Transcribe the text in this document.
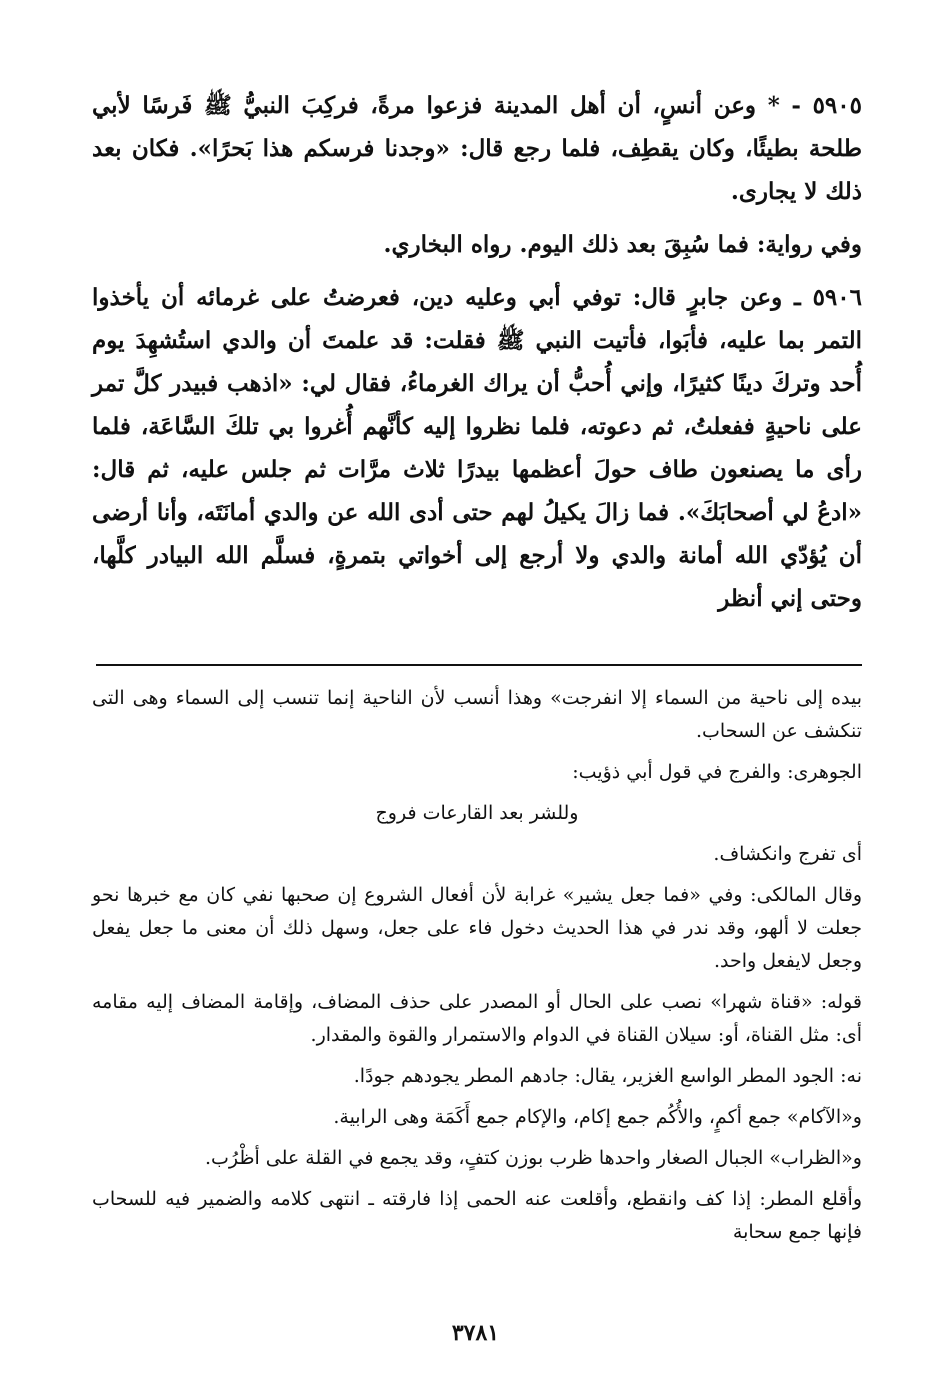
٥٩٠٥ - * وعن أنسٍ، أن أهل المدينة فزعوا مرةً، فركِبَ النبيُّ ﷺ فَرسًا لأبي طلحة بطيئًا، وكان يقطِف، فلما رجع قال: «وجدنا فرسكم هذا بَحرًا». فكان بعد ذلك لا يجارى.

وفي رواية: فما سُبِقَ بعد ذلك اليوم. رواه البخاري.

٥٩٠٦ ـ وعن جابرٍ قال: توفي أبي وعليه دين، فعرضتُ على غرمائه أن يأخذوا التمر بما عليه، فأبَوا، فأتيت النبي ﷺ فقلت: قد علمتَ أن والدي استُشهِدَ يوم أُحد وتركَ دينًا كثيرًا، وإني أُحبُّ أن يراك الغرماءُ، فقال لي: «اذهب فبيدر كلَّ تمر على ناحيةٍ ففعلتُ، ثم دعوته، فلما نظروا إليه كأنَّهم أُغروا بي تلكَ السَّاعَة، فلما رأى ما يصنعون طاف حولَ أعظمها بيدرًا ثلاث مرَّات ثم جلس عليه، ثم قال: «ادعُ لي أصحابَكَ». فما زالَ يكيلُ لهم حتى أدى الله عن والدي أمانَتَه، وأنا أرضى أن يُؤدّي الله أمانة والدي ولا أرجع إلى أخواتي بتمرةٍ، فسلَّم الله البيادر كلَّها، وحتى إني أنظر

بيده إلى ناحية من السماء إلا انفرجت» وهذا أنسب لأن الناحية إنما تنسب إلى السماء وهى التى تنكشف عن السحاب.

الجوهرى: والفرج في قول أبي ذؤيب:

وللشر بعد القارعات فروج

أى تفرج وانكشاف.

وقال المالكى: وفي «فما جعل يشير» غرابة لأن أفعال الشروع إن صحبها نفي كان مع خبرها نحو جعلت لا ألهو، وقد ندر في هذا الحديث دخول فاء على جعل، وسهل ذلك أن معنى ما جعل يفعل وجعل لايفعل واحد.

قوله: «قناة شهرا» نصب على الحال أو المصدر على حذف المضاف، وإقامة المضاف إليه مقامه أى: مثل القناة، أو: سيلان القناة في الدوام والاستمرار والقوة والمقدار.

نه: الجود المطر الواسع الغزير، يقال: جادهم المطر يجودهم جودًا.

و«الآكام» جمع أكمٍ، والأُكُم جمع إكام، والإكام جمع أَكَمَة وهى الرابية.

و«الظراب» الجبال الصغار واحدها ظرب بوزن كتفٍ، وقد يجمع في القلة على أظْرُب.

وأقلع المطر: إذا كف وانقطع، وأقلعت عنه الحمى إذا فارقته ـ انتهى كلامه والضمير فيه للسحاب فإنها جمع سحابة

٣٧٨١
